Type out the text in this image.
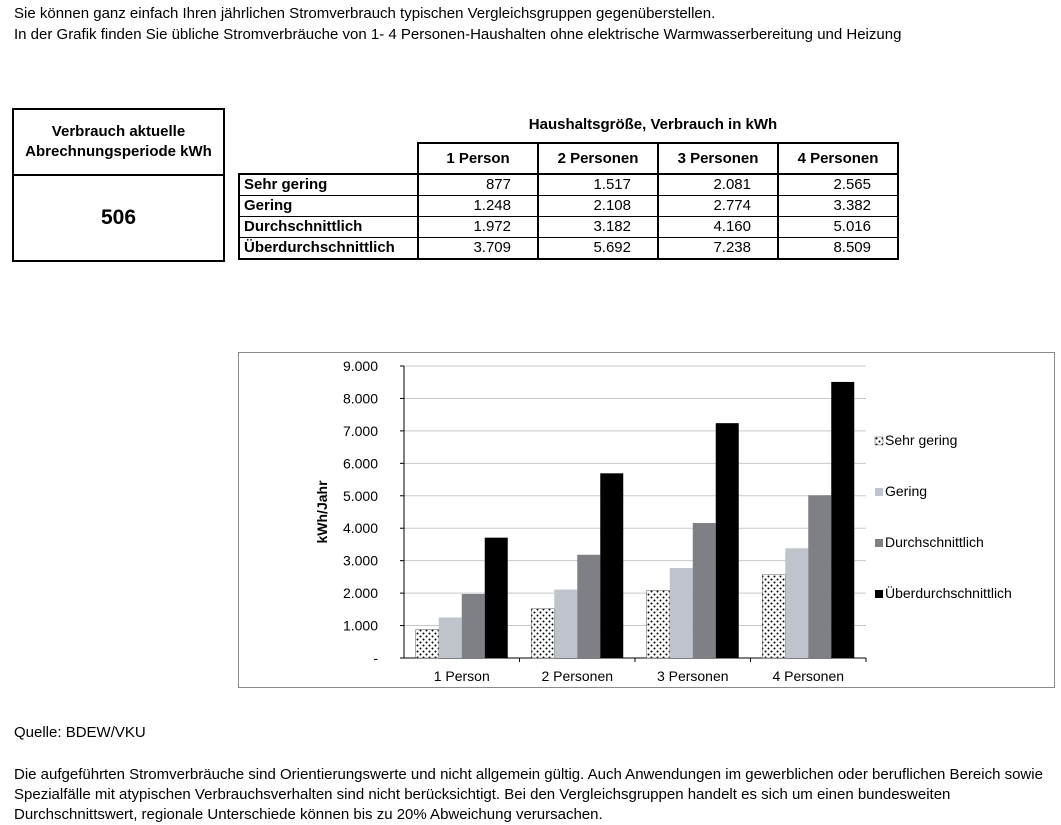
Sie können ganz einfach Ihren jährlichen Stromverbrauch typischen Vergleichsgruppen gegenüberstellen.
In der Grafik finden Sie übliche Stromverbräuche von 1- 4 Personen-Haushalten ohne elektrische Warmwasserbereitung und Heizung
Verbrauch aktuelle Abrechnungsperiode kWh
506
Haushaltsgröße, Verbrauch in kWh
	1 Person	2 Personen	3 Personen	4 Personen
Sehr gering	877	1.517	2.081	2.565
Gering	1.248	2.108	2.774	3.382
Durchschnittlich	1.972	3.182	4.160	5.016
Überdurchschnittlich	3.709	5.692	7.238	8.509
-
1.000
2.000
3.000
4.000
5.000
6.000
7.000
8.000
9.000
kWh/Jahr
1 Person	2 Personen	3 Personen	4 Personen
Sehr gering
Gering
Durchschnittlich
Überdurchschnittlich
Quelle: BDEW/VKU
Die aufgeführten Stromverbräuche sind Orientierungswerte und nicht allgemein gültig. Auch Anwendungen im gewerblichen oder beruflichen Bereich sowie Spezialfälle mit atypischen Verbrauchsverhalten sind nicht berücksichtigt. Bei den Vergleichsgruppen handelt es sich um einen bundesweiten Durchschnittswert, regionale Unterschiede können bis zu 20% Abweichung verursachen.
